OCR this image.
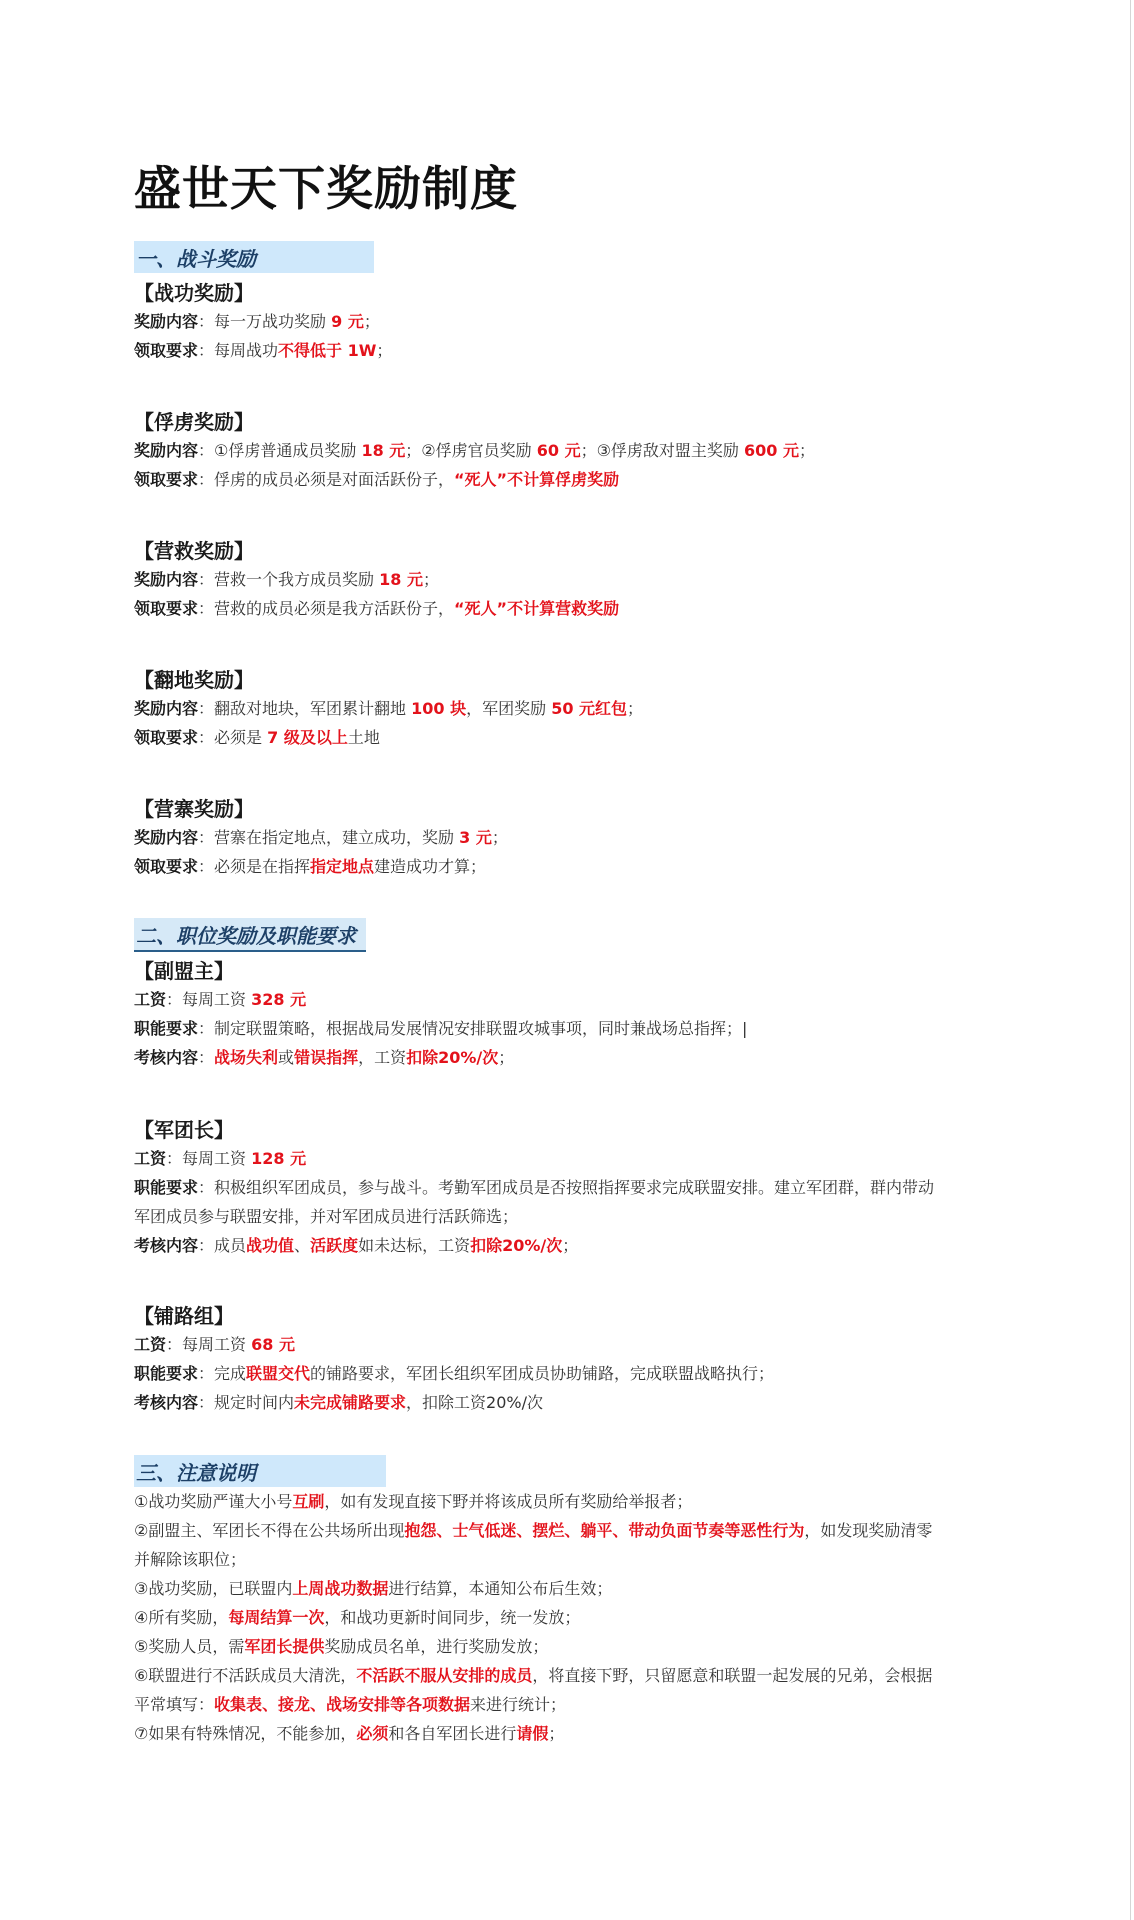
盛世天下奖励制度
一、战斗奖励
【战功奖励】
奖励内容：每一万战功奖励 9 元；
领取要求：每周战功不得低于 1W；
【俘虏奖励】
奖励内容：①俘虏普通成员奖励 18 元；②俘虏官员奖励 60 元；③俘虏敌对盟主奖励 600 元；
领取要求：俘虏的成员必须是对面活跃份子，“死人”不计算俘虏奖励
【营救奖励】
奖励内容：营救一个我方成员奖励 18 元；
领取要求：营救的成员必须是我方活跃份子，“死人”不计算营救奖励
【翻地奖励】
奖励内容：翻敌对地块，军团累计翻地 100 块，军团奖励 50 元红包；
领取要求：必须是 7 级及以上土地
【营寨奖励】
奖励内容：营寨在指定地点，建立成功，奖励 3 元；
领取要求：必须是在指挥指定地点建造成功才算；
二、职位奖励及职能要求
【副盟主】
工资：每周工资 328 元
职能要求：制定联盟策略，根据战局发展情况安排联盟攻城事项，同时兼战场总指挥；|
考核内容：战场失利或错误指挥，工资扣除20%/次；
【军团长】
工资：每周工资 128 元
职能要求：积极组织军团成员，参与战斗。考勤军团成员是否按照指挥要求完成联盟安排。建立军团群，群内带动
军团成员参与联盟安排，并对军团成员进行活跃筛选；
考核内容：成员战功值、活跃度如未达标，工资扣除20%/次；
【铺路组】
工资：每周工资 68 元
职能要求：完成联盟交代的铺路要求，军团长组织军团成员协助铺路，完成联盟战略执行；
考核内容：规定时间内未完成铺路要求，扣除工资20%/次
三、注意说明
①战功奖励严谨大小号互刷，如有发现直接下野并将该成员所有奖励给举报者；
②副盟主、军团长不得在公共场所出现抱怨、士气低迷、摆烂、躺平、带动负面节奏等恶性行为，如发现奖励清零
并解除该职位；
③战功奖励，已联盟内上周战功数据进行结算，本通知公布后生效；
④所有奖励，每周结算一次，和战功更新时间同步，统一发放；
⑤奖励人员，需军团长提供奖励成员名单，进行奖励发放；
⑥联盟进行不活跃成员大清洗，不活跃不服从安排的成员，将直接下野，只留愿意和联盟一起发展的兄弟，会根据
平常填写：收集表、接龙、战场安排等各项数据来进行统计；
⑦如果有特殊情况，不能参加，必须和各自军团长进行请假；
